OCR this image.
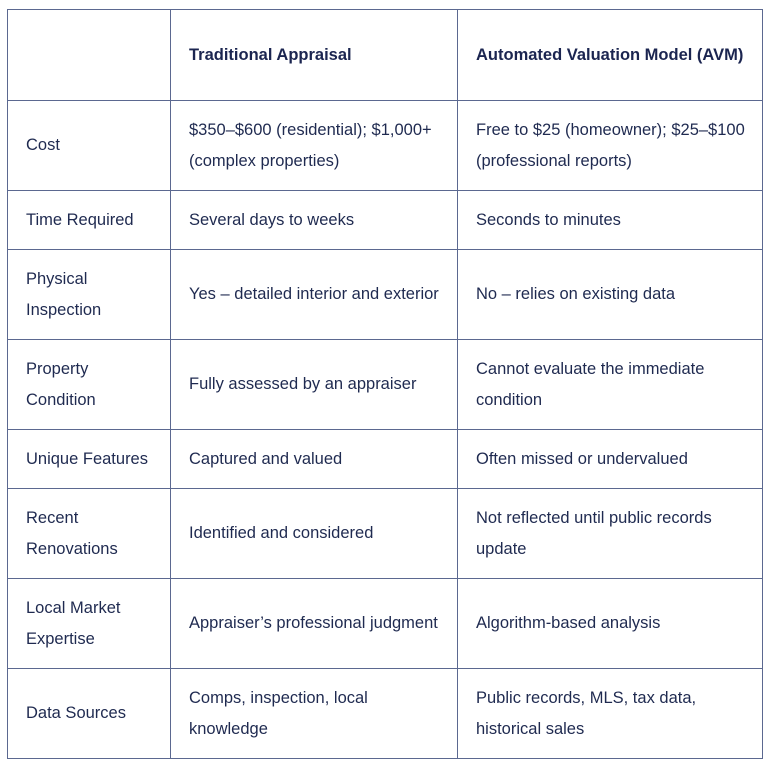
	Traditional Appraisal	Automated Valuation Model (AVM)
Cost	$350–$600 (residential); $1,000+ (complex properties)	Free to $25 (homeowner); $25–$100 (professional reports)
Time Required	Several days to weeks	Seconds to minutes
Physical Inspection	Yes – detailed interior and exterior	No – relies on existing data
Property Condition	Fully assessed by an appraiser	Cannot evaluate the immediate condition
Unique Features	Captured and valued	Often missed or undervalued
Recent Renovations	Identified and considered	Not reflected until public records update
Local Market Expertise	Appraiser’s professional judgment	Algorithm-based analysis
Data Sources	Comps, inspection, local knowledge	Public records, MLS, tax data, historical sales
